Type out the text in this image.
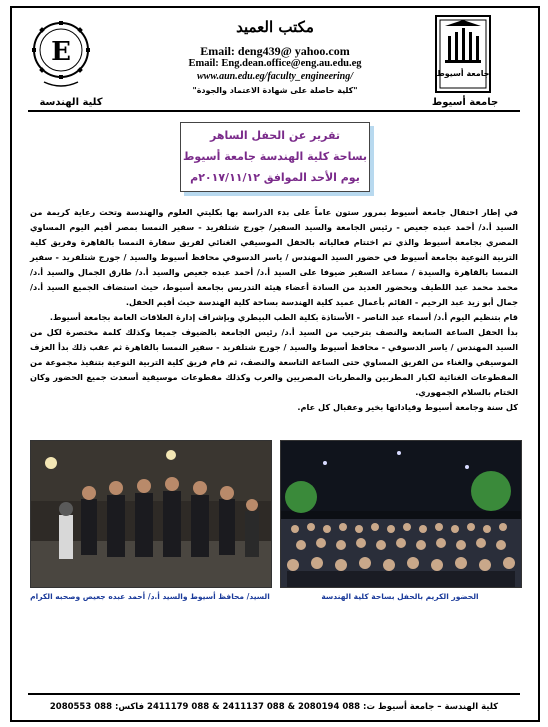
E
جامعة أسيوط
مكتب العميد
Email: deng439@ yahoo.com
Email: Eng.dean.office@eng.au.edu.eg
www.aun.edu.eg/faculty_engineering/
"كلية حاصلة على شهادة الاعتماد والجودة"
كلية الهندسة	جامعة أسيوط
تقرير عن الحفل الساهر
بساحة كلية الهندسة جامعة أسيوط
يوم الأحد الموافق ٢٠١٧/١١/١٢م

في إطار احتفال جامعة أسيوط بمرور ستون عاماً على بدء الدراسة بها بكليتي العلوم والهندسة وتحت رعاية كريمة من السيد أ.د/ أحمد عبده جعيص - رئيس الجامعة والسيد السفير/ جورج شتلفريد - سفير النمسا بمصر أقيم اليوم المساوي المصري بجامعة أسيوط والذي تم اختتام فعالياته بالحفل الموسيقي الغنائي لفريق سفارة النمسا بالقاهرة وفريق كلية التربية النوعية بجامعة أسيوط في حضور السيد المهندس / ياسر الدسوقي محافظ أسيوط والسيد / جورج شتلفريد - سفير النمسا بالقاهرة والسيدة / مساعد السفير ضيوفا على السيد أ.د/ أحمد عبده جعيص والسيد أ.د/ طارق الجمال والسيد أ.د/ محمد محمد عبد اللطيف وبحضور العديد من السادة أعضاء هيئة التدريس بجامعة أسيوط، حيث استضاف الجميع السيد أ.د/ جمال أبو زيد عبد الرحيم - القائم بأعمال عميد كلية الهندسة بساحة كلية الهندسة حيث أقيم الحفل.

قام بتنظيم اليوم أ.د/ أسماء عبد الناصر - الأستاذة بكلية الطب البيطري وبإشراف إدارة العلاقات العامة بجامعة أسيوط.

بدأ الحفل الساعة السابعة والنصف بترحيب من السيد أ.د/ رئيس الجامعة بالضيوف جميعا وكذلك كلمة مختصرة لكل من السيد المهندس / ياسر الدسوقي - محافظ أسيوط والسيد / جورج شتلفريد - سفير النمسا بالقاهرة ثم عقب ذلك بدأ العزف الموسيقي والغناء من الفريق المساوي حتى الساعة التاسعة والنصف، ثم قام فريق كلية التربية النوعية بتنفيذ مجموعة من المقطوعات الغنائية لكبار المطربين والمطربات المصريين والعرب وكذلك مقطوعات موسيقية أسعدت جميع الحضور وكان الختام بالسلام الجمهوري.

كل سنة وجامعة أسيوط وقياداتها بخير وعقبال كل عام.

السيد/ محافظ أسيوط والسيد أ.د/ أحمد عبده جعيص وصحبه الكرام	الحضور الكريم بالحفل بساحة كلية الهندسة
كلية الهندسة – جامعة أسيوط ت: 088 2080194 & 088 2411137 & 088 2411179 فاكس: 088 2080553
